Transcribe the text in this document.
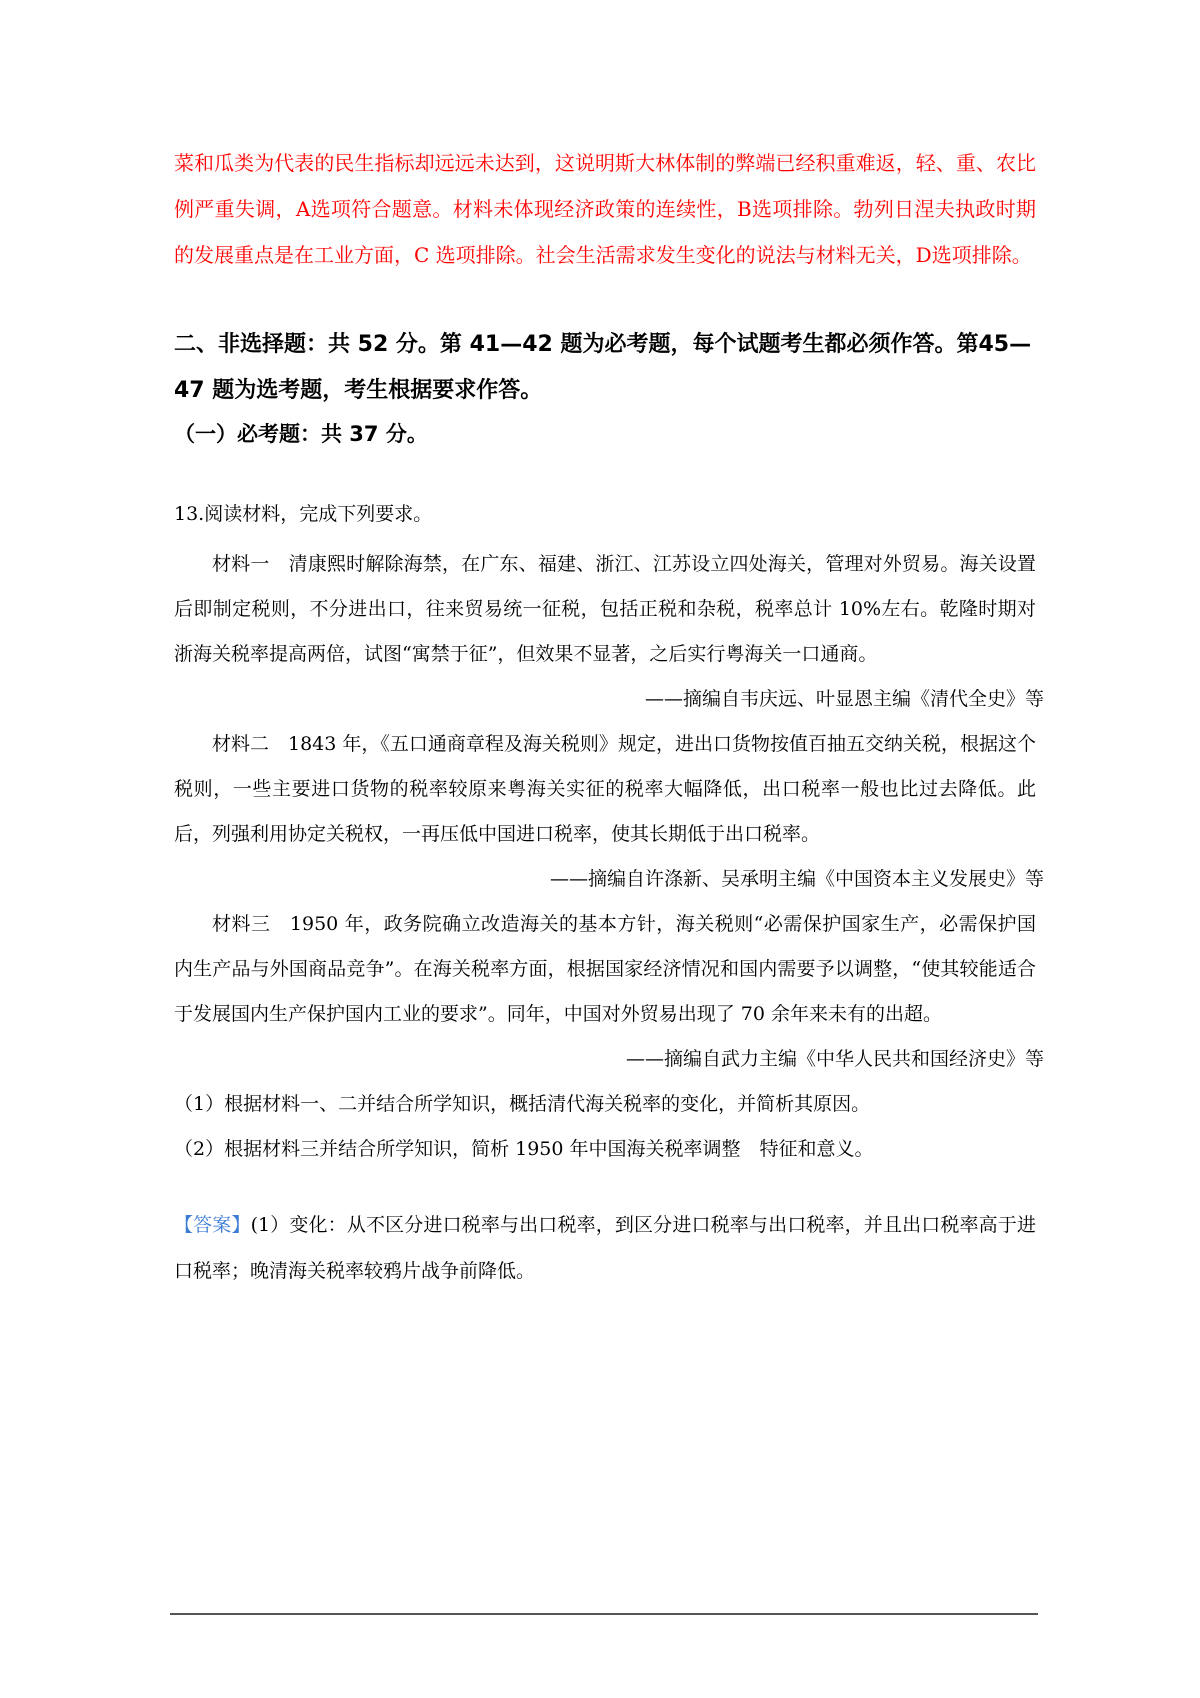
菜和瓜类为代表的民生指标却远远未达到，这说明斯大林体制的弊端已经积重难返，轻、重、农比例严重失调，A选项符合题意。材料未体现经济政策的连续性，B选项排除。勃列日涅夫执政时期的发展重点是在工业方面，C 选项排除。社会生活需求发生变化的说法与材料无关，D选项排除。

二、非选择题：共 52 分。第 41—42 题为必考题，每个试题考生都必须作答。第45—47 题为选考题，考生根据要求作答。
（一）必考题：共 37 分。
13.阅读材料，完成下列要求。
材料一　清康熙时解除海禁，在广东、福建、浙江、江苏设立四处海关，管理对外贸易。海关设置后即制定税则，不分进出口，往来贸易统一征税，包括正税和杂税，税率总计 10%左右。乾隆时期对浙海关税率提高两倍，试图“寓禁于征”，但效果不显著，之后实行粤海关一口通商。
——摘编自韦庆远、叶显恩主编《清代全史》等
材料二　1843 年，《五口通商章程及海关税则》规定，进出口货物按值百抽五交纳关税，根据这个税则，一些主要进口货物的税率较原来粤海关实征的税率大幅降低，出口税率一般也比过去降低。此后，列强利用协定关税权，一再压低中国进口税率，使其长期低于出口税率。
——摘编自许涤新、吴承明主编《中国资本主义发展史》等
材料三　1950 年，政务院确立改造海关的基本方针，海关税则“必需保护国家生产，必需保护国内生产品与外国商品竞争”。在海关税率方面，根据国家经济情况和国内需要予以调整，“使其较能适合于发展国内生产保护国内工业的要求”。同年，中国对外贸易出现了 70 余年来未有的出超。
——摘编自武力主编《中华人民共和国经济史》等
（1）根据材料一、二并结合所学知识，概括清代海关税率的变化，并简析其原因。
（2）根据材料三并结合所学知识，简析 1950 年中国海关税率调整　特征和意义。
【答案】(1）变化：从不区分进口税率与出口税率，到区分进口税率与出口税率，并且出口税率高于进口税率；晚清海关税率较鸦片战争前降低。
